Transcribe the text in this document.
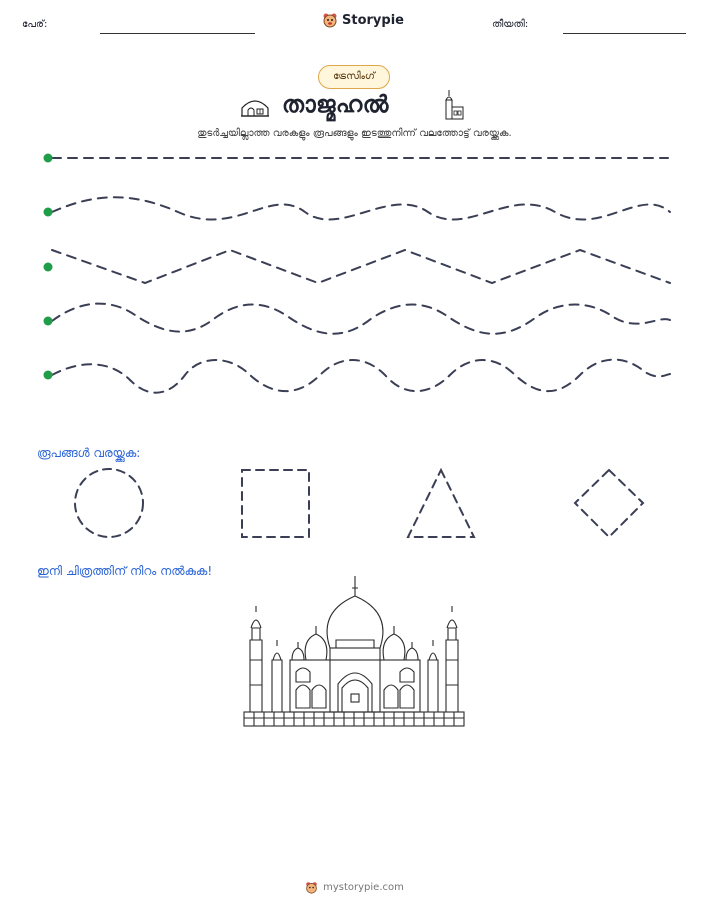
പേര്:	Storypie	തീയതി:
ട്രേസിംഗ്
താജ്മഹൽ
തുടർച്ചയില്ലാത്ത വരകളും രൂപങ്ങളും ഇടത്തുനിന്ന് വലത്തോട്ട് വരയ്ക്കുക.
രൂപങ്ങൾ വരയ്ക്കുക:
ഇനി ചിത്രത്തിന് നിറം നൽകുക!
mystorypie.com
